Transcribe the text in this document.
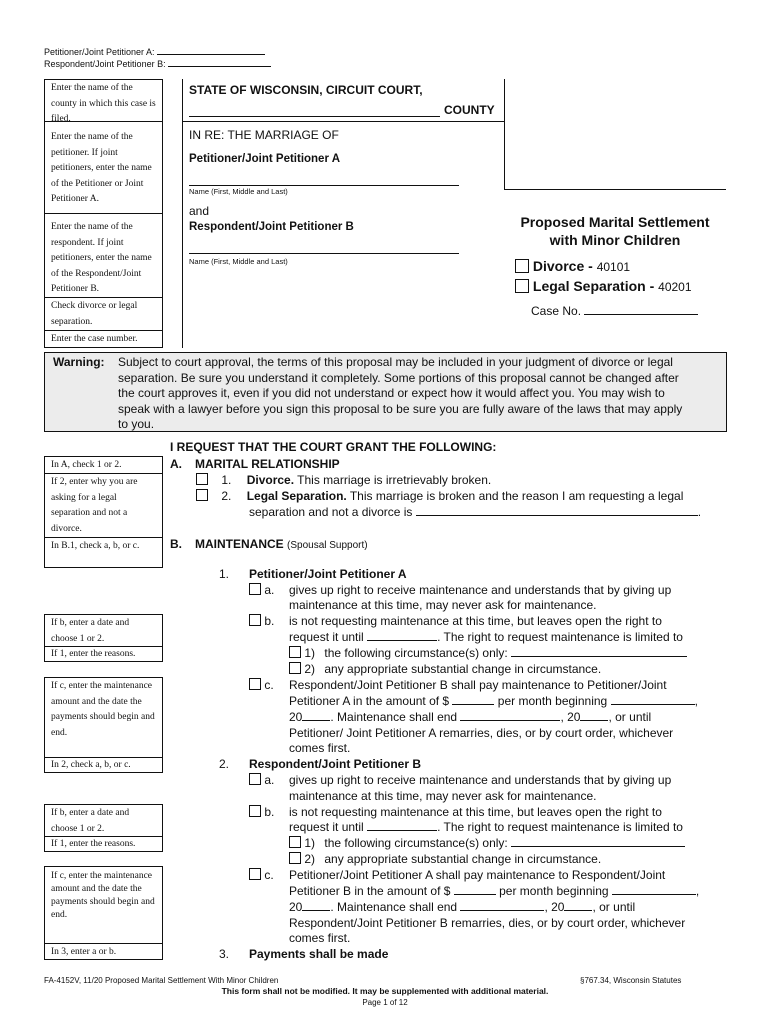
Petitioner/Joint Petitioner A:
Respondent/Joint Petitioner B:
Enter the name of the county in which this case is filed.
Enter the name of the petitioner. If joint petitioners, enter the name of the Petitioner or Joint Petitioner A.
Enter the name of the respondent. If joint petitioners, enter the name of the Respondent/Joint Petitioner B.
Check divorce or legal separation.
Enter the case number.
STATE OF WISCONSIN, CIRCUIT COURT,
COUNTY
IN RE: THE MARRIAGE OF
Petitioner/Joint Petitioner A
Name (First, Middle and Last)
and
Respondent/Joint Petitioner B
Name (First, Middle and Last)
Proposed Marital Settlement
with Minor Children
Divorce - 40101
Legal Separation - 40201
Case No.
Warning: Subject to court approval, the terms of this proposal may be included in your judgment of divorce or legal
separation. Be sure you understand it completely. Some portions of this proposal cannot be changed after
the court approves it, even if you did not understand or expect how it would affect you. You may wish to
speak with a lawyer before you sign this proposal to be sure you are fully aware of the laws that may apply
to you.
I REQUEST THAT THE COURT GRANT THE FOLLOWING:
In A, check 1 or 2.
If 2, enter why you are asking for a legal separation and not a divorce.
In B.1, check a, b, or c.
If b, enter a date and choose 1 or 2.
If 1, enter the reasons.
If c, enter the maintenance amount and the date the payments should begin and end.
In 2, check a, b, or c.
If b, enter a date and choose 1 or 2.
If 1, enter the reasons.
If c, enter the maintenance amount and the date the payments should begin and end.
In 3, enter a or b.
A. MARITAL RELATIONSHIP
1. Divorce. This marriage is irretrievably broken.
2. Legal Separation. This marriage is broken and the reason I am requesting a legal
separation and not a divorce is	.
B. MAINTENANCE (Spousal Support)
1. Petitioner/Joint Petitioner A
a. gives up right to receive maintenance and understands that by giving up
maintenance at this time, may never ask for maintenance.
b. is not requesting maintenance at this time, but leaves open the right to
request it until	. The right to request maintenance is limited to
1) the following circumstance(s) only:
2) any appropriate substantial change in circumstance.
c. Respondent/Joint Petitioner B shall pay maintenance to Petitioner/Joint
Petitioner A in the amount of $	per month beginning	,
20 . Maintenance shall end	, 20 , or until
Petitioner/ Joint Petitioner A remarries, dies, or by court order, whichever
comes first.
2. Respondent/Joint Petitioner B
a. gives up right to receive maintenance and understands that by giving up
maintenance at this time, may never ask for maintenance.
b. is not requesting maintenance at this time, but leaves open the right to
request it until	. The right to request maintenance is limited to
1) the following circumstance(s) only:
2) any appropriate substantial change in circumstance.
c. Petitioner/Joint Petitioner A shall pay maintenance to Respondent/Joint
Petitioner B in the amount of $	per month beginning	,
20 . Maintenance shall end	, 20 , or until
Respondent/Joint Petitioner B remarries, dies, or by court order, whichever
comes first.
3. Payments shall be made
FA-4152V, 11/20 Proposed Marital Settlement With Minor Children	§767.34, Wisconsin Statutes
This form shall not be modified. It may be supplemented with additional material.
Page 1 of 12
